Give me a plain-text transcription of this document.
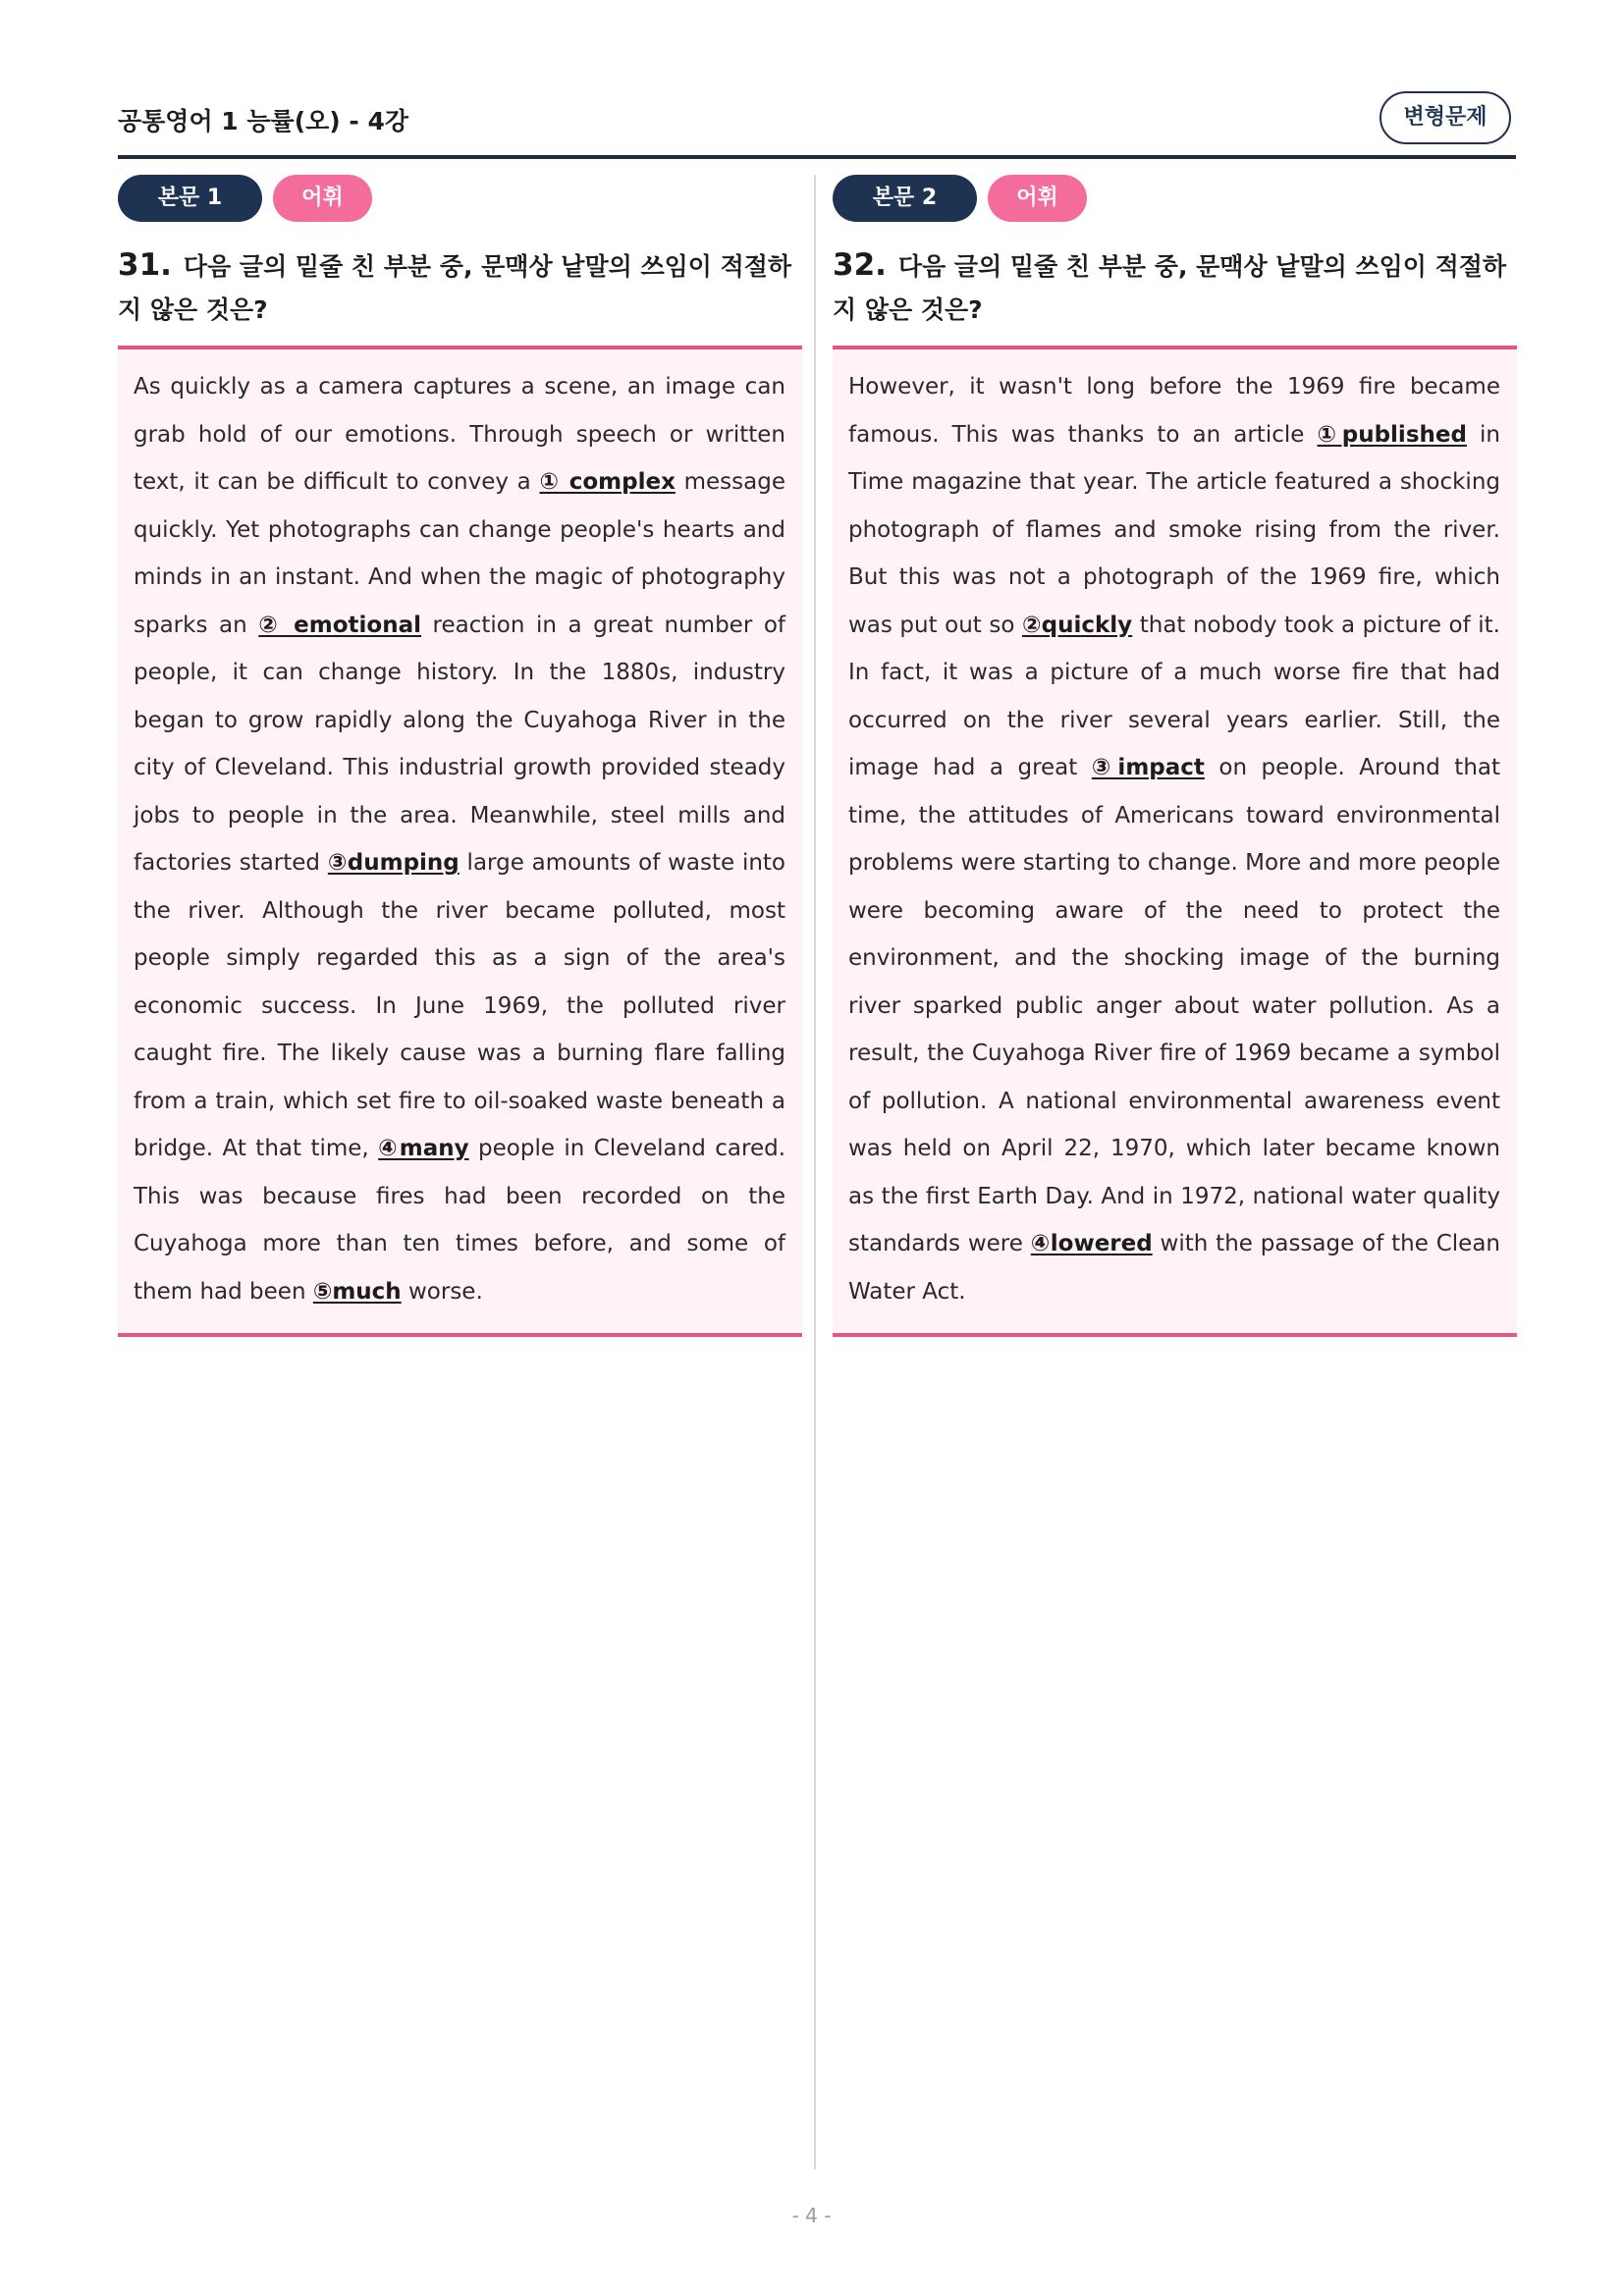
공통영어 1 능률(오) - 4강	변형문제
본문 1	어휘
31. 다음 글의 밑줄 친 부분 중, 문맥상 낱말의 쓰임이 적절하지 않은 것은?
As quickly as a camera captures a scene, an image can grab hold of our emotions. Through speech or written text, it can be difficult to convey a ① complex message quickly. Yet photographs can change people's hearts and minds in an instant. And when the magic of photography sparks an ② emotional reaction in a great number of people, it can change history. In the 1880s, industry began to grow rapidly along the Cuyahoga River in the city of Cleveland. This industrial growth provided steady jobs to people in the area. Meanwhile, steel mills and factories started ③dumping large amounts of waste into the river. Although the river became polluted, most people simply regarded this as a sign of the area's economic success. In June 1969, the polluted river caught fire. The likely cause was a burning flare falling from a train, which set fire to oil-soaked waste beneath a bridge. At that time, ④many people in Cleveland cared. This was because fires had been recorded on the Cuyahoga more than ten times before, and some of them had been ⑤much worse.
본문 2	어휘
32. 다음 글의 밑줄 친 부분 중, 문맥상 낱말의 쓰임이 적절하지 않은 것은?
However, it wasn't long before the 1969 fire became famous. This was thanks to an article ①published in Time magazine that year. The article featured a shocking photograph of flames and smoke rising from the river. But this was not a photograph of the 1969 fire, which was put out so ②quickly that nobody took a picture of it. In fact, it was a picture of a much worse fire that had occurred on the river several years earlier. Still, the image had a great ③impact on people. Around that time, the attitudes of Americans toward environmental problems were starting to change. More and more people were becoming aware of the need to protect the environment, and the shocking image of the burning river sparked public anger about water pollution. As a result, the Cuyahoga River fire of 1969 became a symbol of pollution. A national environmental awareness event was held on April 22, 1970, which later became known as the first Earth Day. And in 1972, national water quality standards were ④lowered with the passage of the Clean Water Act.
- 4 -
